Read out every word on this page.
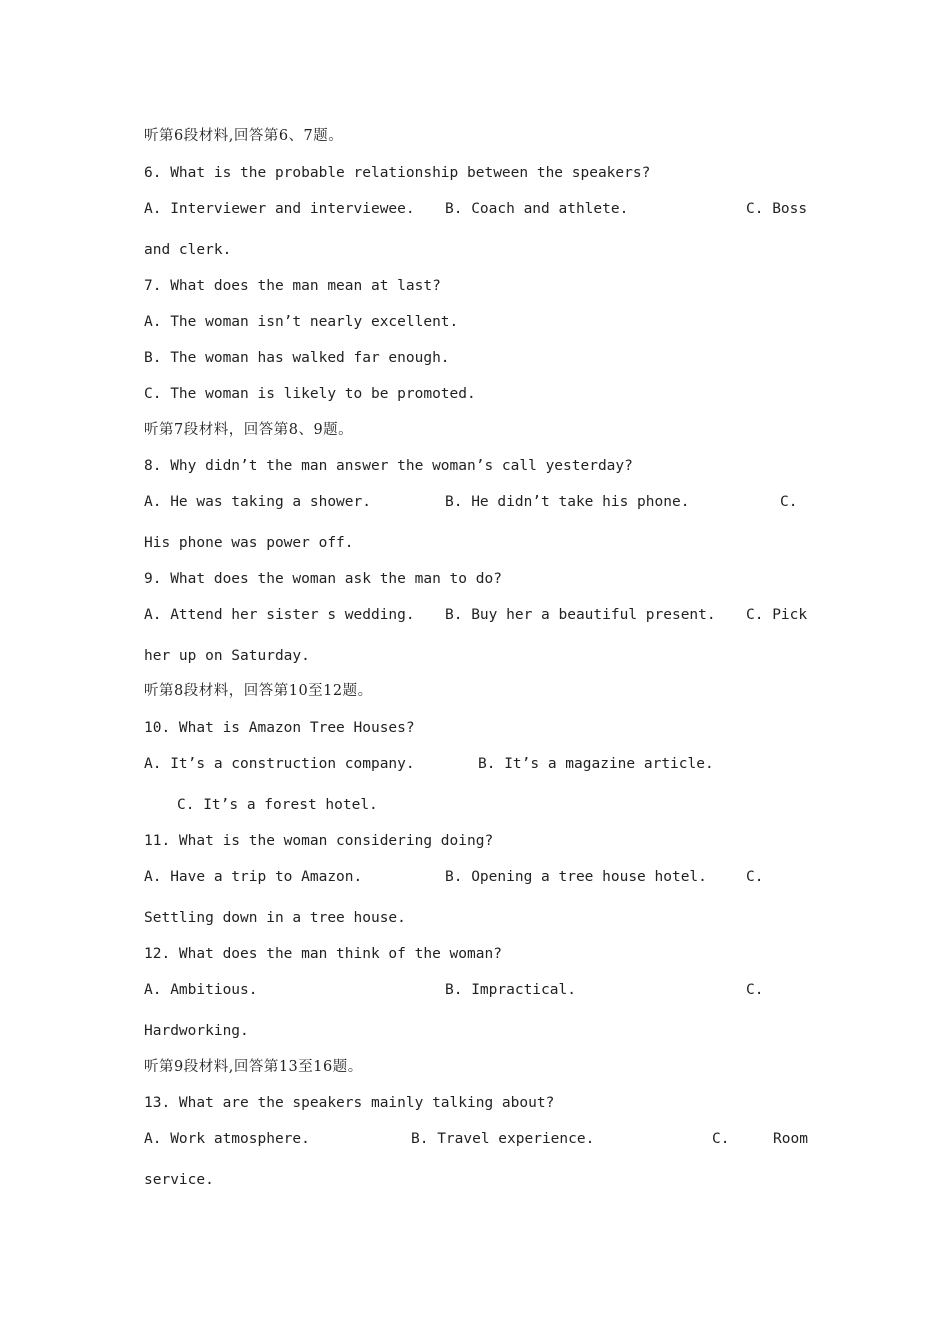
听第6段材料,回答第6、7题。
6. What is the probable relationship between the speakers?
A. Interviewer and interviewee. B. Coach and athlete.	C. Boss
and clerk.
7. What does the man mean at last?
A. The woman isn’t nearly excellent.
B. The woman has walked far enough.
C. The woman is likely to be promoted.
听第7段材料，回答第8、9题。
8. Why didn’t the man answer the woman’s call yesterday?
A. He was taking a shower.	B. He didn’t take his phone.	C.
His phone was power off.
9. What does the woman ask the man to do?
A. Attend her sister s wedding. B. Buy her a beautiful present. C. Pick
her up on Saturday.
听第8段材料，回答第10至12题。
10. What is Amazon Tree Houses?
A. It’s a construction company.	B. It’s a magazine article.
C. It’s a forest hotel.
11. What is the woman considering doing?
A. Have a trip to Amazon.	B. Opening a tree house hotel.	C.
Settling down in a tree house.
12. What does the man think of the woman?
A. Ambitious.	B. Impractical.	C.
Hardworking.
听第9段材料,回答第13至16题。
13. What are the speakers mainly talking about?
A. Work atmosphere.	B. Travel experience.	C.	Room
service.
